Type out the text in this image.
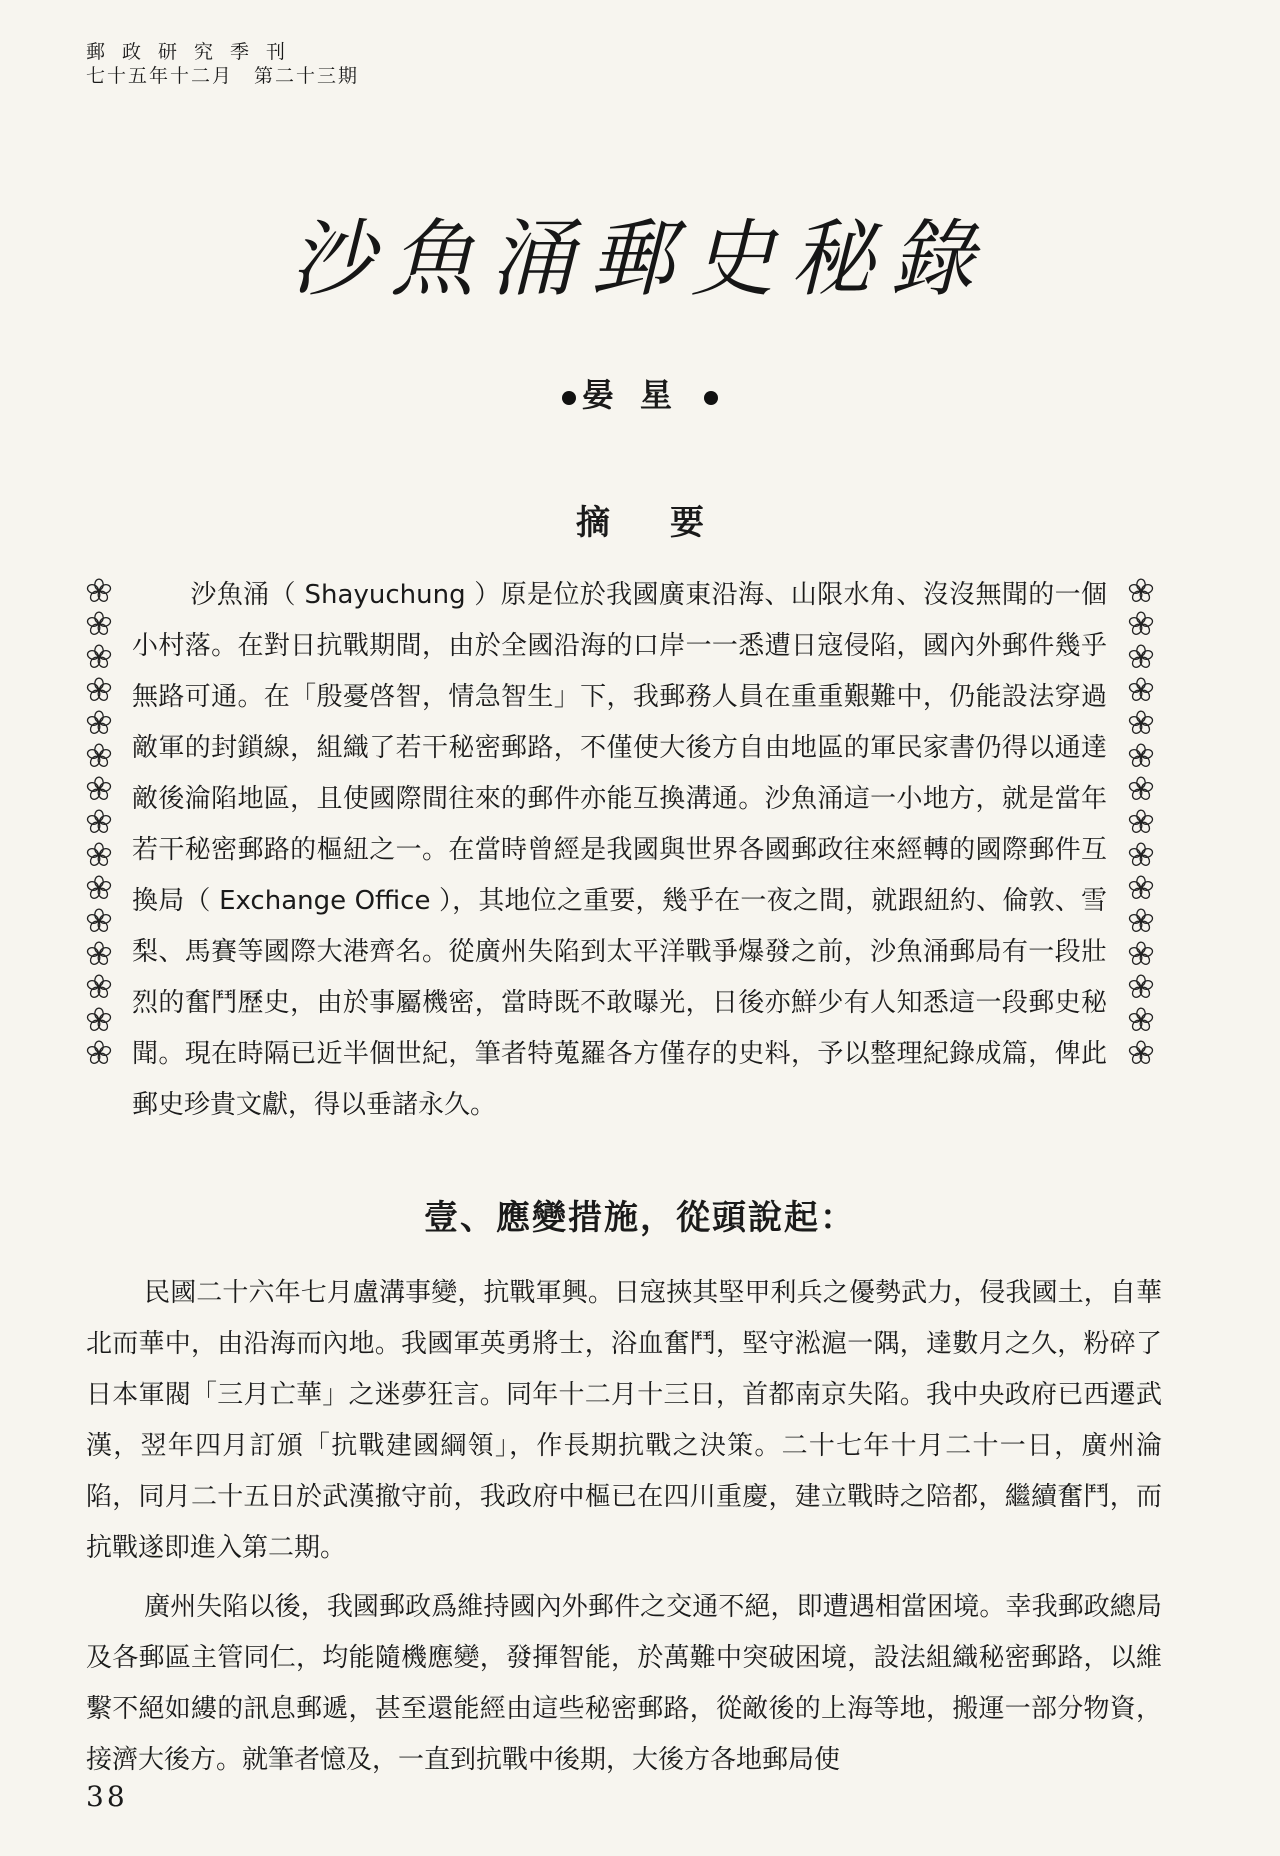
郵政研究季刊
七十五年十二月　第二十三期
沙魚涌郵史秘錄
晏星
摘要
沙魚涌（ Shayuchung ）原是位於我國廣東沿海、山限水角、沒沒無聞的一個小村落。在對日抗戰期間，由於全國沿海的口岸一一悉遭日寇侵陷，國內外郵件幾乎無路可通。在「殷憂啓智，情急智生」下，我郵務人員在重重艱難中，仍能設法穿過敵軍的封鎖線，組織了若干秘密郵路，不僅使大後方自由地區的軍民家書仍得以通達敵後淪陷地區，且使國際間往來的郵件亦能互換溝通。沙魚涌這一小地方，就是當年若干秘密郵路的樞紐之一。在當時曾經是我國與世界各國郵政往來經轉的國際郵件互換局（ Exchange Office ），其地位之重要，幾乎在一夜之間，就跟紐約、倫敦、雪梨、馬賽等國際大港齊名。從廣州失陷到太平洋戰爭爆發之前，沙魚涌郵局有一段壯烈的奮鬥歷史，由於事屬機密，當時既不敢曝光，日後亦鮮少有人知悉這一段郵史秘聞。現在時隔已近半個世紀，筆者特蒐羅各方僅存的史料，予以整理紀錄成篇，俾此郵史珍貴文獻，得以垂諸永久。
壹、應變措施，從頭說起：

民國二十六年七月盧溝事變，抗戰軍興。日寇挾其堅甲利兵之優勢武力，侵我國土，自華北而華中，由沿海而內地。我國軍英勇將士，浴血奮鬥，堅守淞滬一隅，達數月之久，粉碎了日本軍閥「三月亡華」之迷夢狂言。同年十二月十三日，首都南京失陷。我中央政府已西遷武漢，翌年四月訂頒「抗戰建國綱領」，作長期抗戰之決策。二十七年十月二十一日，廣州淪陷，同月二十五日於武漢撤守前，我政府中樞已在四川重慶，建立戰時之陪都，繼續奮鬥，而抗戰遂即進入第二期。

廣州失陷以後，我國郵政爲維持國內外郵件之交通不絕，即遭遇相當困境。幸我郵政總局及各郵區主管同仁，均能隨機應變，發揮智能，於萬難中突破困境，設法組織秘密郵路，以維繫不絕如縷的訊息郵遞，甚至還能經由這些秘密郵路，從敵後的上海等地，搬運一部分物資，接濟大後方。就筆者憶及，一直到抗戰中後期，大後方各地郵局使

38
